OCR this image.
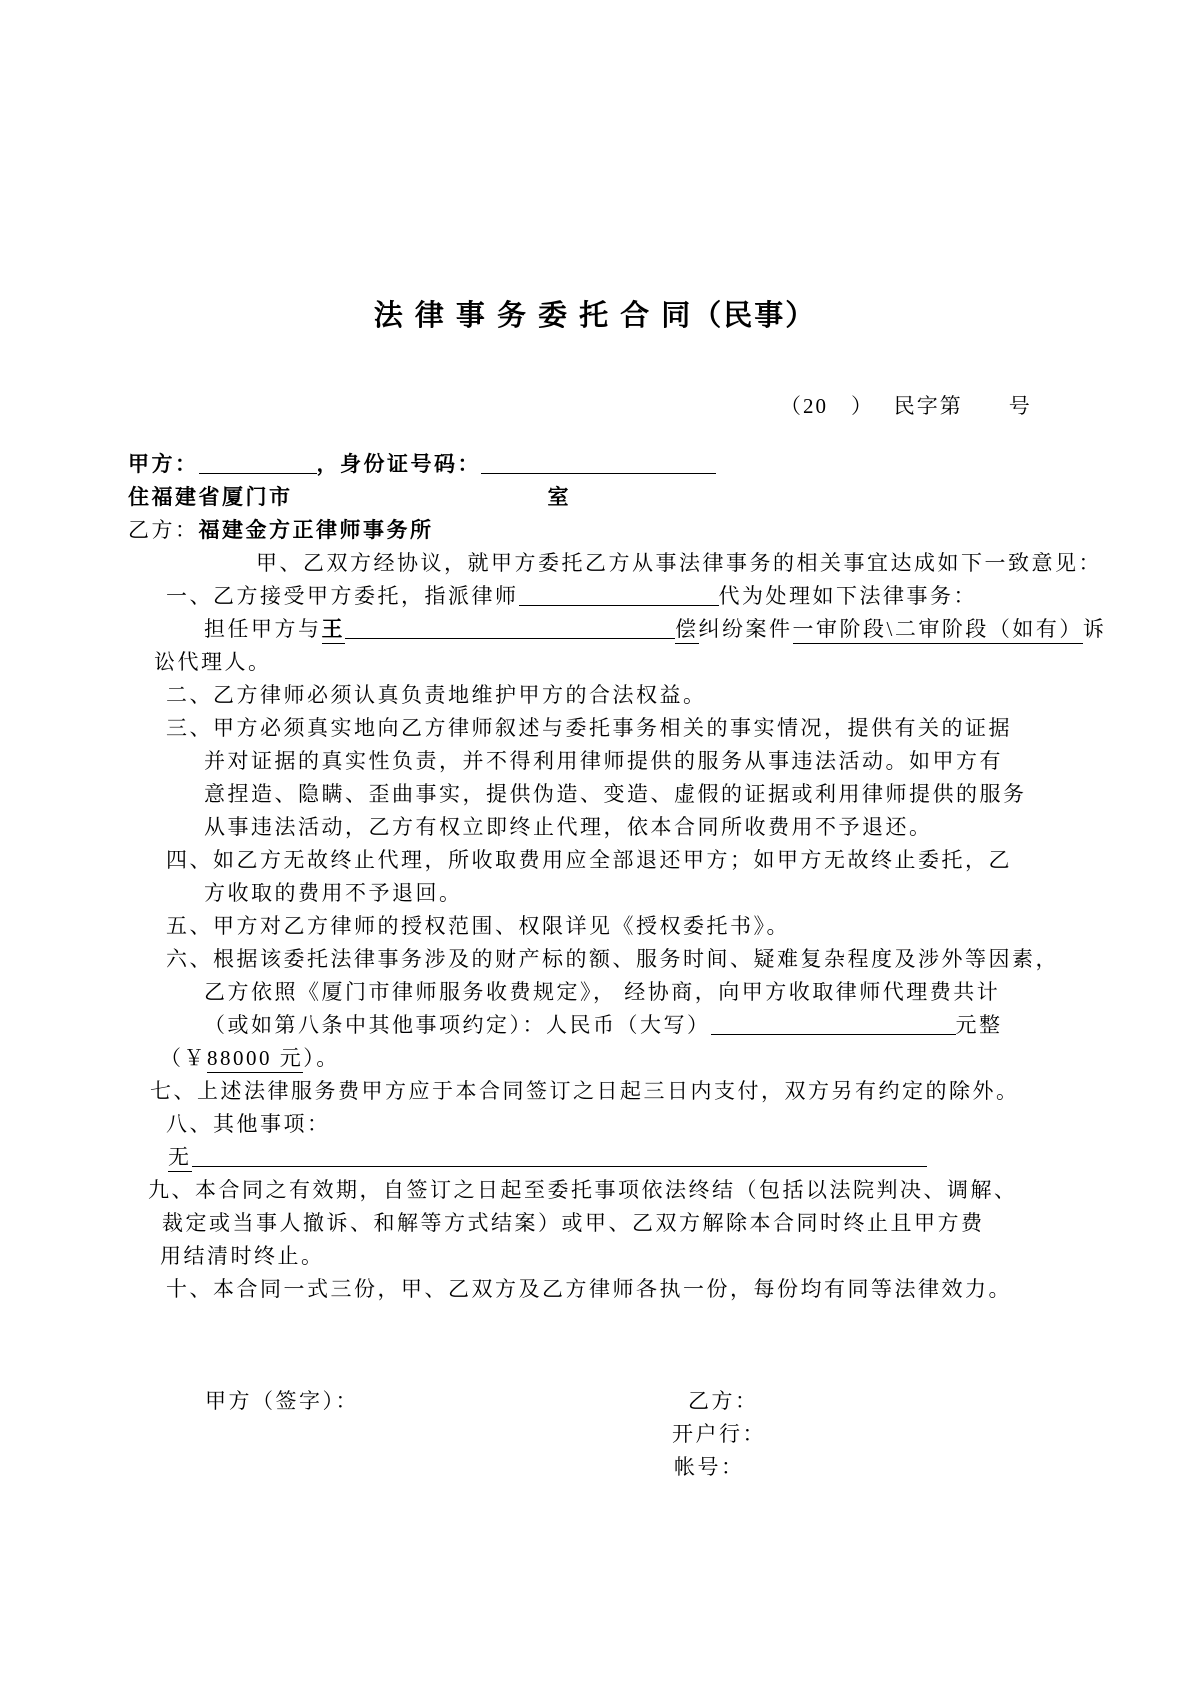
法 律 事 务 委 托 合 同（民事）
（20　）　 民字第　　号
甲方：	，身份证号码：
住福建省厦门市	室
乙方：福建金方正律师事务所
甲、乙双方经协议，就甲方委托乙方从事法律事务的相关事宜达成如下一致意见：
一、乙方接受甲方委托，指派律师	代为处理如下法律事务：
担任甲方与王	偿纠纷案件一审阶段\二审阶段（如有）诉
讼代理人。
二、乙方律师必须认真负责地维护甲方的合法权益。
三、甲方必须真实地向乙方律师叙述与委托事务相关的事实情况，提供有关的证据
并对证据的真实性负责，并不得利用律师提供的服务从事违法活动。如甲方有
意捏造、隐瞒、歪曲事实，提供伪造、变造、虚假的证据或利用律师提供的服务
从事违法活动，乙方有权立即终止代理，依本合同所收费用不予退还。
四、如乙方无故终止代理，所收取费用应全部退还甲方；如甲方无故终止委托，乙
方收取的费用不予退回。
五、甲方对乙方律师的授权范围、权限详见《授权委托书》。
六、根据该委托法律事务涉及的财产标的额、服务时间、疑难复杂程度及涉外等因素，
乙方依照《厦门市律师服务收费规定》， 经协商，向甲方收取律师代理费共计
（或如第八条中其他事项约定）：人民币（大写）	元整
（￥88000 元）。
七、上述法律服务费甲方应于本合同签订之日起三日内支付，双方另有约定的除外。
八、其他事项：
无
九、本合同之有效期，自签订之日起至委托事项依法终结（包括以法院判决、调解、
裁定或当事人撤诉、和解等方式结案）或甲、乙双方解除本合同时终止且甲方费
用结清时终止。
十、本合同一式三份，甲、乙双方及乙方律师各执一份，每份均有同等法律效力。
甲方（签字）：	乙方：
开户行：
帐号：
